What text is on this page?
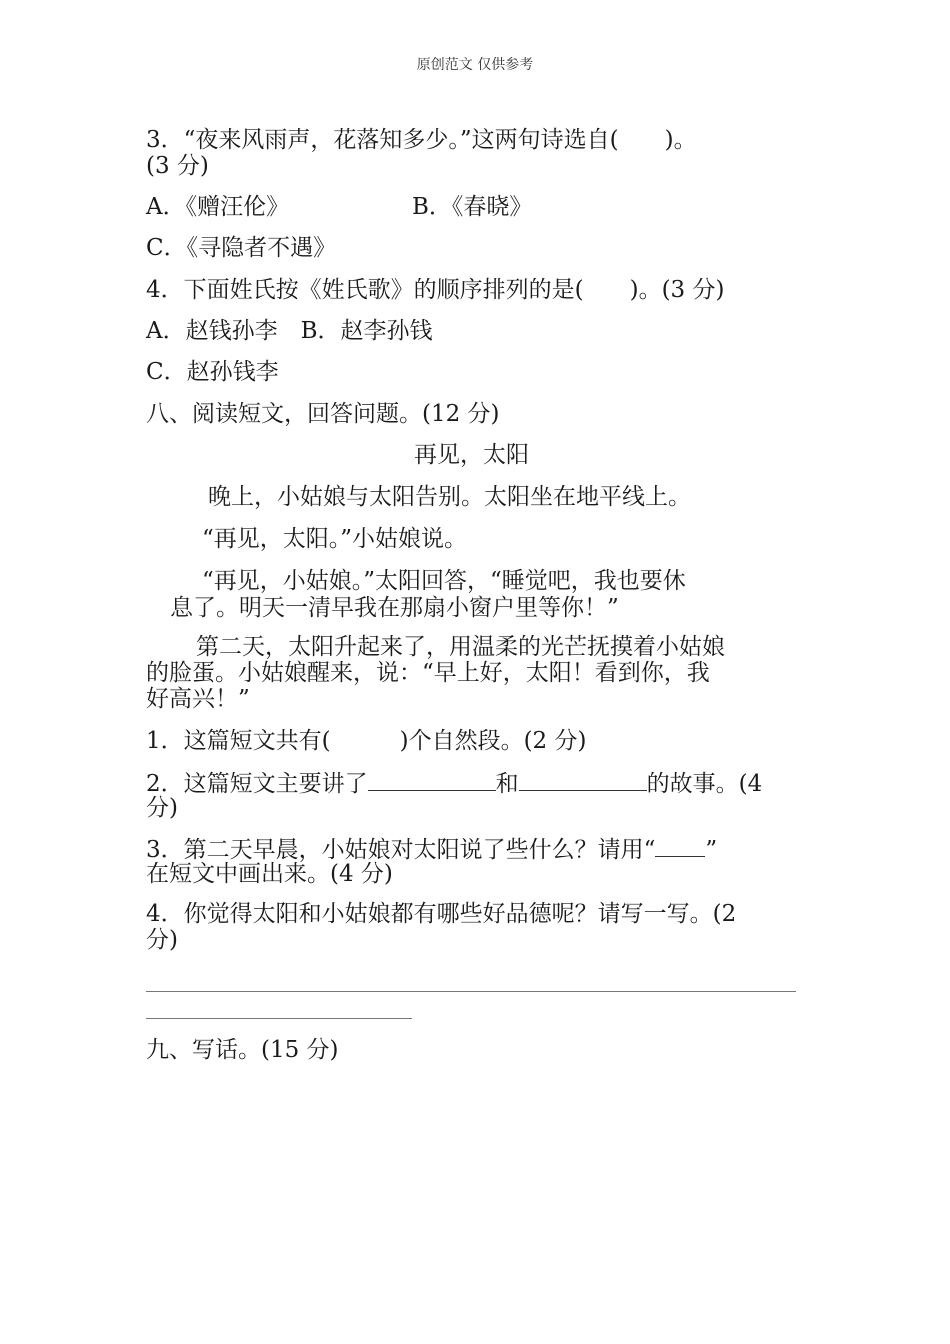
原创范文 仅供参考
3．“夜来风雨声，花落知多少。”这两句诗选自(　　)。
(3 分)
A．《赠汪伦》	B．《春晓》
C．《寻隐者不遇》
4．下面姓氏按《姓氏歌》的顺序排列的是(　　)。(3 分)
A．赵钱孙李　B．赵李孙钱
C．赵孙钱李
八、阅读短文，回答问题。(12 分)
再见，太阳
晚上，小姑娘与太阳告别。太阳坐在地平线上。
“再见，太阳。”小姑娘说。
“再见，小姑娘。”太阳回答，“睡觉吧，我也要休
息了。明天一清早我在那扇小窗户里等你！”
第二天，太阳升起来了，用温柔的光芒抚摸着小姑娘
的脸蛋。小姑娘醒来，说：“早上好，太阳！看到你，我
好高兴！”
1．这篇短文共有(　　　)个自然段。(2 分)
2．这篇短文主要讲了	和	的故事。(4
分)
3．第二天早晨，小姑娘对太阳说了些什么？请用“ ”
在短文中画出来。(4 分)
4．你觉得太阳和小姑娘都有哪些好品德呢？请写一写。(2
分)
九、写话。(15 分)
